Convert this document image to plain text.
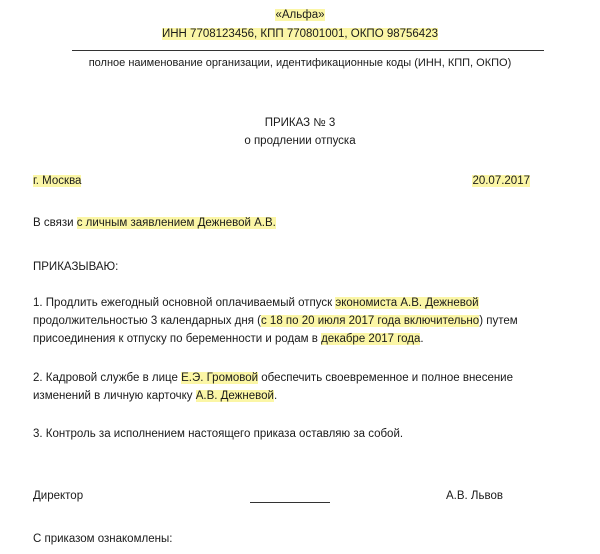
«Альфа»
ИНН 7708123456, КПП 770801001, ОКПО 98756423
полное наименование организации, идентификационные коды (ИНН, КПП, ОКПО)
ПРИКАЗ № 3
о продлении отпуска
г. Москва	20.07.2017
В связи с личным заявлением Дежневой А.В.
ПРИКАЗЫВАЮ:
1. Продлить ежегодный основной оплачиваемый отпуск экономиста А.В. Дежневой
продолжительностью 3 календарных дня (с 18 по 20 июля 2017 года включительно) путем
присоединения к отпуску по беременности и родам в декабре 2017 года.
2. Кадровой службе в лице Е.Э. Громовой обеспечить своевременное и полное внесение
изменений в личную карточку А.В. Дежневой.
3. Контроль за исполнением настоящего приказа оставляю за собой.
Директор	А.В. Львов
С приказом ознакомлены:
